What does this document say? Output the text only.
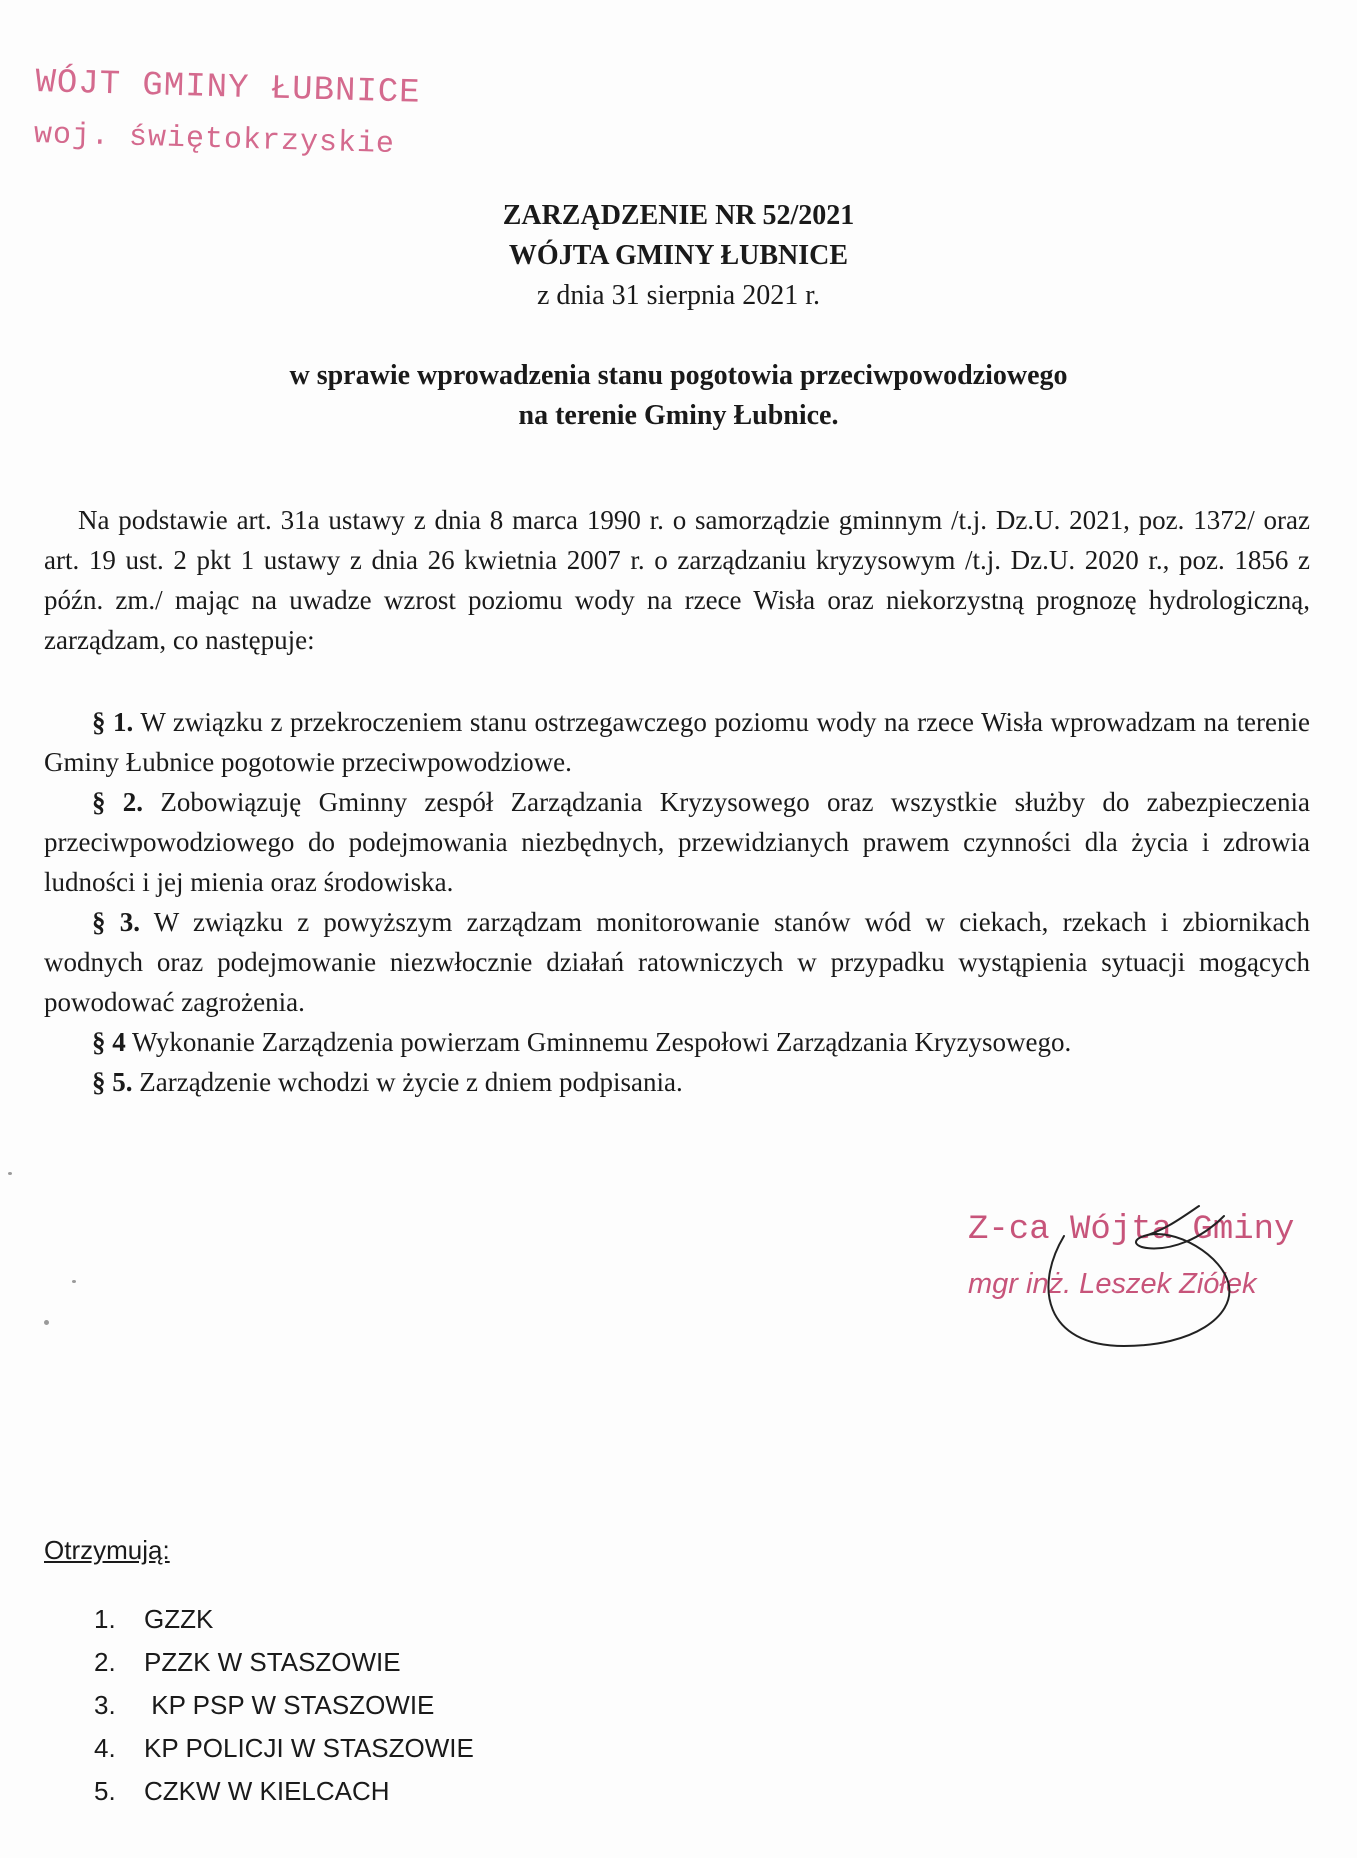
WÓJT GMINY ŁUBNICE
woj. świętokrzyskie
ZARZĄDZENIE NR 52/2021
WÓJTA GMINY ŁUBNICE
z dnia 31 sierpnia 2021 r.
w sprawie wprowadzenia stanu pogotowia przeciwpowodziowego
na terenie Gminy Łubnice.

Na podstawie art. 31a ustawy z dnia 8 marca 1990 r. o samorządzie gminnym /t.j. Dz.U. 2021, poz. 1372/ oraz art. 19 ust. 2 pkt 1 ustawy z dnia 26 kwietnia 2007 r. o zarządzaniu kryzysowym /t.j. Dz.U. 2020 r., poz. 1856 z późn. zm./ mając na uwadze wzrost poziomu wody na rzece Wisła oraz niekorzystną prognozę hydrologiczną, zarządzam, co następuje:

§ 1. W związku z przekroczeniem stanu ostrzegawczego poziomu wody na rzece Wisła wprowadzam na terenie Gminy Łubnice pogotowie przeciwpowodziowe.

§ 2. Zobowiązuję Gminny zespół Zarządzania Kryzysowego oraz wszystkie służby do zabezpieczenia przeciwpowodziowego do podejmowania niezbędnych, przewidzianych prawem czynności dla życia i zdrowia ludności i jej mienia oraz środowiska.

§ 3. W związku z powyższym zarządzam monitorowanie stanów wód w ciekach, rzekach i zbiornikach wodnych oraz podejmowanie niezwłocznie działań ratowniczych w przypadku wystąpienia sytuacji mogących powodować zagrożenia.

§ 4 Wykonanie Zarządzenia powierzam Gminnemu Zespołowi Zarządzania Kryzysowego.

§ 5. Zarządzenie wchodzi w życie z dniem podpisania.

Z-ca Wójta Gminy
mgr inż. Leszek Ziółek
Otrzymują:
1. GZZK
2. PZZK W STASZOWIE
3. KP PSP W STASZOWIE
4. KP POLICJI W STASZOWIE
5. CZKW W KIELCACH
